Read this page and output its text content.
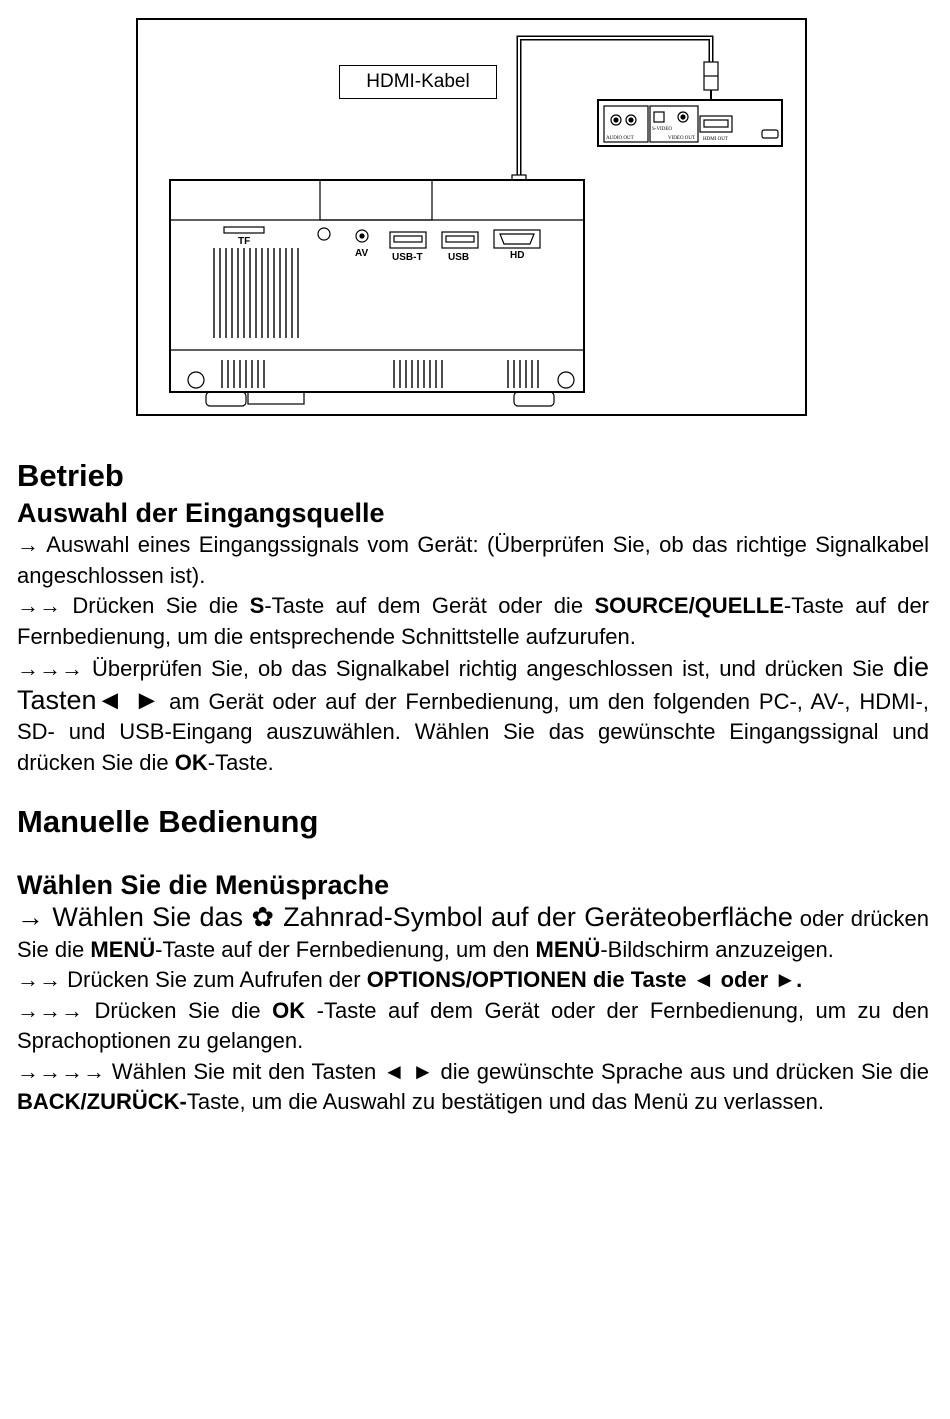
TF
AV USB-T	USB	HD
AUDIO OUT
S-VIDEO
VIDEO OUT HDMI OUT
HDMI-Kabel
Betrieb
Auswahl der Eingangsquelle

→ Auswahl eines Eingangssignals vom Gerät: (Überprüfen Sie, ob das richtige Signalkabel angeschlossen ist).

→→ Drücken Sie die S-Taste auf dem Gerät oder die SOURCE/QUELLE-Taste auf der Fernbedienung, um die entsprechende Schnittstelle aufzurufen.

→→→ Überprüfen Sie, ob das Signalkabel richtig angeschlossen ist, und drücken Sie die Tasten◄ ► am Gerät oder auf der Fernbedienung, um den folgenden PC-, AV-, HDMI-, SD- und USB-Eingang auszuwählen. Wählen Sie das gewünschte Eingangssignal und drücken Sie die OK-Taste.

Manuelle Bedienung
Wählen Sie die Menüsprache

→ Wählen Sie das ✿ Zahnrad-Symbol auf der Geräteoberfläche oder drücken Sie die MENÜ-Taste auf der Fernbedienung, um den MENÜ-Bildschirm anzuzeigen.

→→ Drücken Sie zum Aufrufen der OPTIONS/OPTIONEN die Taste ◄ oder ►.

→→→ Drücken Sie die OK -Taste auf dem Gerät oder der Fernbedienung, um zu den Sprachoptionen zu gelangen.

→→→→ Wählen Sie mit den Tasten ◄ ► die gewünschte Sprache aus und drücken Sie die BACK/ZURÜCK-Taste, um die Auswahl zu bestätigen und das Menü zu verlassen.
